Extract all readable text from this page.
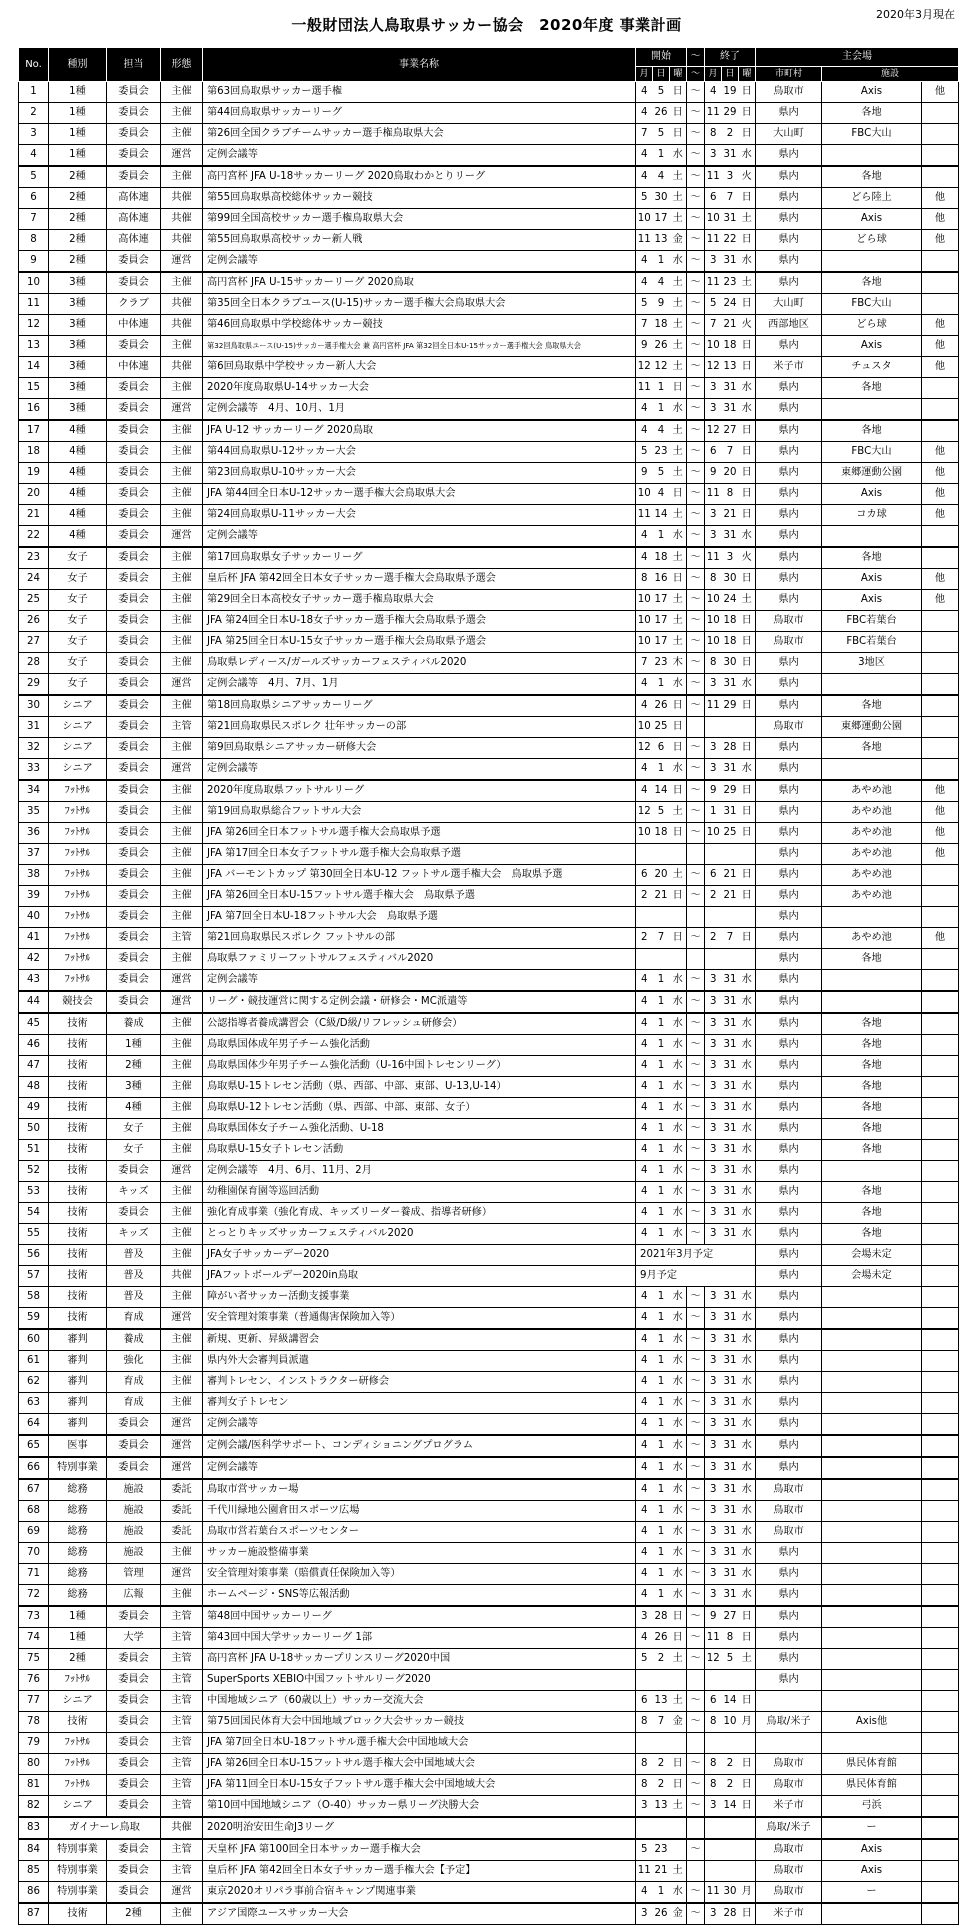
2020年3月現在
一般財団法人鳥取県サッカー協会　2020年度 事業計画
No.	種別	担当	形態	事業名称	開始			～	終了			主会場		
					月	日	曜	～	月	日	曜	市町村	施設	
1	1種	委員会	主催	第63回鳥取県サッカー選手権	4	5	日	～	4	19	日	鳥取市	Axis	他
2	1種	委員会	主催	第44回鳥取県サッカーリーグ	4	26	日	～	11	29	日	県内	各地	
3	1種	委員会	主催	第26回全国クラブチームサッカー選手権鳥取県大会	7	5	日	～	8	2	日	大山町	FBC大山	
4	1種	委員会	運営	定例会議等	4	1	水	～	3	31	水	県内		
5	2種	委員会	主催	高円宮杯 JFA U-18サッカーリーグ 2020鳥取わかとりリーグ	4	4	土	～	11	3	火	県内	各地	
6	2種	高体連	共催	第55回鳥取県高校総体サッカー競技	5	30	土	～	6	7	日	県内	どら陸上	他
7	2種	高体連	共催	第99回全国高校サッカー選手権鳥取県大会	10	17	土	～	10	31	土	県内	Axis	他
8	2種	高体連	共催	第55回鳥取県高校サッカー新人戦	11	13	金	～	11	22	日	県内	どら球	他
9	2種	委員会	運営	定例会議等	4	1	水	～	3	31	水	県内		
10	3種	委員会	主催	高円宮杯 JFA U-15サッカーリーグ 2020鳥取	4	4	土	～	11	23	土	県内	各地	
11	3種	クラブ	共催	第35回全日本クラブユース(U-15)サッカー選手権大会鳥取県大会	5	9	土	～	5	24	日	大山町	FBC大山	
12	3種	中体連	共催	第46回鳥取県中学校総体サッカー競技	7	18	土	～	7	21	火	西部地区	どら球	他
13	3種	委員会	主催	第32回鳥取県ユース(U-15)サッカー選手権大会 兼 高円宮杯 JFA 第32回全日本U-15サッカー選手権大会 鳥取県大会	9	26	土	～	10	18	日	県内	Axis	他
14	3種	中体連	共催	第6回鳥取県中学校サッカー新人大会	12	12	土	～	12	13	日	米子市	チュスタ	他
15	3種	委員会	主催	2020年度鳥取県U-14サッカー大会	11	1	日	～	3	31	水	県内	各地	
16	3種	委員会	運営	定例会議等　4月、10月、1月	4	1	水	～	3	31	水	県内		
17	4種	委員会	主催	JFA U-12 サッカーリーグ 2020鳥取	4	4	土	～	12	27	日	県内	各地	
18	4種	委員会	主催	第44回鳥取県U-12サッカー大会	5	23	土	～	6	7	日	県内	FBC大山	他
19	4種	委員会	主催	第23回鳥取県U-10サッカー大会	9	5	土	～	9	20	日	県内	東郷運動公園	他
20	4種	委員会	主催	JFA 第44回全日本U-12サッカー選手権大会鳥取県大会	10	4	日	～	11	8	日	県内	Axis	他
21	4種	委員会	主催	第24回鳥取県U-11サッカー大会	11	14	土	～	3	21	日	県内	コカ球	他
22	4種	委員会	運営	定例会議等	4	1	水	～	3	31	水	県内		
23	女子	委員会	主催	第17回鳥取県女子サッカーリーグ	4	18	土	～	11	3	火	県内	各地	
24	女子	委員会	主催	皇后杯 JFA 第42回全日本女子サッカー選手権大会鳥取県予選会	8	16	日	～	8	30	日	県内	Axis	他
25	女子	委員会	主催	第29回全日本高校女子サッカー選手権鳥取県大会	10	17	土	～	10	24	土	県内	Axis	他
26	女子	委員会	主催	JFA 第24回全日本U-18女子サッカー選手権大会鳥取県予選会	10	17	土	～	10	18	日	鳥取市	FBC若葉台	
27	女子	委員会	主催	JFA 第25回全日本U-15女子サッカー選手権大会鳥取県予選会	10	17	土	～	10	18	日	鳥取市	FBC若葉台	
28	女子	委員会	主催	鳥取県レディース/ガールズサッカーフェスティバル2020	7	23	木	～	8	30	日	県内	3地区	
29	女子	委員会	運営	定例会議等　4月、7月、1月	4	1	水	～	3	31	水	県内		
30	シニア	委員会	主催	第18回鳥取県シニアサッカーリーグ	4	26	日	～	11	29	日	県内	各地	
31	シニア	委員会	主管	第21回鳥取県民スポレク 壮年サッカーの部	10	25	日					鳥取市	東郷運動公園	
32	シニア	委員会	主催	第9回鳥取県シニアサッカー研修大会	12	6	日	～	3	28	日	県内	各地	
33	シニア	委員会	運営	定例会議等	4	1	水	～	3	31	水	県内		
34	ﾌｯﾄｻﾙ	委員会	主催	2020年度鳥取県フットサルリーグ	4	14	日	～	9	29	日	県内	あやめ池	他
35	ﾌｯﾄｻﾙ	委員会	主催	第19回鳥取県総合フットサル大会	12	5	土	～	1	31	日	県内	あやめ池	他
36	ﾌｯﾄｻﾙ	委員会	主催	JFA 第26回全日本フットサル選手権大会鳥取県予選	10	18	日	～	10	25	日	県内	あやめ池	他
37	ﾌｯﾄｻﾙ	委員会	主催	JFA 第17回全日本女子フットサル選手権大会鳥取県予選								県内	あやめ池	他
38	ﾌｯﾄｻﾙ	委員会	主催	JFA バーモントカップ 第30回全日本U-12 フットサル選手権大会　鳥取県予選	6	20	土	～	6	21	日	県内	あやめ池	
39	ﾌｯﾄｻﾙ	委員会	主催	JFA 第26回全日本U-15フットサル選手権大会　鳥取県予選	2	21	日	～	2	21	日	県内	あやめ池	
40	ﾌｯﾄｻﾙ	委員会	主催	JFA 第7回全日本U-18フットサル大会　鳥取県予選								県内		
41	ﾌｯﾄｻﾙ	委員会	主管	第21回鳥取県民スポレク フットサルの部	2	7	日	～	2	7	日	県内	あやめ池	他
42	ﾌｯﾄｻﾙ	委員会	主催	鳥取県ファミリーフットサルフェスティバル2020								県内	各地	
43	ﾌｯﾄｻﾙ	委員会	運営	定例会議等	4	1	水	～	3	31	水	県内		
44	競技会	委員会	運営	リーグ・競技運営に関する定例会議・研修会・MC派遣等	4	1	水	～	3	31	水	県内		
45	技術	養成	主催	公認指導者養成講習会（C級/D級/リフレッシュ研修会）	4	1	水	～	3	31	水	県内	各地	
46	技術	1種	主催	鳥取県国体成年男子チーム強化活動	4	1	水	～	3	31	水	県内	各地	
47	技術	2種	主催	鳥取県国体少年男子チーム強化活動（U-16中国トレセンリーグ）	4	1	水	～	3	31	水	県内	各地	
48	技術	3種	主催	鳥取県U-15トレセン活動（県、西部、中部、東部、U-13,U-14）	4	1	水	～	3	31	水	県内	各地	
49	技術	4種	主催	鳥取県U-12トレセン活動（県、西部、中部、東部、女子）	4	1	水	～	3	31	水	県内	各地	
50	技術	女子	主催	鳥取県国体女子チーム強化活動、U-18	4	1	水	～	3	31	水	県内	各地	
51	技術	女子	主催	鳥取県U-15女子トレセン活動	4	1	水	～	3	31	水	県内	各地	
52	技術	委員会	運営	定例会議等　4月、6月、11月、2月	4	1	水	～	3	31	水	県内		
53	技術	キッズ	主催	幼稚園保育園等巡回活動	4	1	水	～	3	31	水	県内	各地	
54	技術	委員会	主催	強化育成事業（強化育成、キッズリーダー養成、指導者研修）	4	1	水	～	3	31	水	県内	各地	
55	技術	キッズ	主催	とっとりキッズサッカーフェスティバル2020	4	1	水	～	3	31	水	県内	各地	
56	技術	普及	主催	JFA女子サッカーデー2020	2021年3月予定							県内	会場未定	
57	技術	普及	共催	JFAフットボールデー2020in鳥取	9月予定							県内	会場未定	
58	技術	普及	主催	障がい者サッカー活動支援事業	4	1	水	～	3	31	水	県内		
59	技術	育成	運営	安全管理対策事業（普通傷害保険加入等）	4	1	水	～	3	31	水	県内		
60	審判	養成	主催	新規、更新、昇級講習会	4	1	水	～	3	31	水	県内		
61	審判	強化	主催	県内外大会審判員派遣	4	1	水	～	3	31	水	県内		
62	審判	育成	主催	審判トレセン、インストラクター研修会	4	1	水	～	3	31	水	県内		
63	審判	育成	主催	審判女子トレセン	4	1	水	～	3	31	水	県内		
64	審判	委員会	運営	定例会議等	4	1	水	～	3	31	水	県内		
65	医事	委員会	運営	定例会議/医科学サポート、コンディショニングプログラム	4	1	水	～	3	31	水	県内		
66	特別事業	委員会	運営	定例会議等	4	1	水	～	3	31	水	県内		
67	総務	施設	委託	鳥取市営サッカー場	4	1	水	～	3	31	水	鳥取市		
68	総務	施設	委託	千代川緑地公園倉田スポーツ広場	4	1	水	～	3	31	水	鳥取市		
69	総務	施設	委託	鳥取市営若葉台スポーツセンター	4	1	水	～	3	31	水	鳥取市		
70	総務	施設	主催	サッカー施設整備事業	4	1	水	～	3	31	水	県内		
71	総務	管理	運営	安全管理対策事業（賠償責任保険加入等）	4	1	水	～	3	31	水	県内		
72	総務	広報	主催	ホームページ・SNS等広報活動	4	1	水	～	3	31	水	県内		
73	1種	委員会	主管	第48回中国サッカーリーグ	3	28	日	～	9	27	日	県内		
74	1種	大学	主管	第43回中国大学サッカーリーグ 1部	4	26	日	～	11	8	日	県内		
75	2種	委員会	主管	高円宮杯 JFA U-18サッカープリンスリーグ2020中国	5	2	土	～	12	5	土	県内		
76	ﾌｯﾄｻﾙ	委員会	主管	SuperSports XEBIO中国フットサルリーグ2020								県内		
77	シニア	委員会	主管	中国地域シニア（60歳以上）サッカー交流大会	6	13	土	～	6	14	日			
78	技術	委員会	主管	第75回国民体育大会中国地域ブロック大会サッカー競技	8	7	金	～	8	10	月	鳥取/米子	Axis他	
79	ﾌｯﾄｻﾙ	委員会	主管	JFA 第7回全日本U-18フットサル選手権大会中国地域大会										
80	ﾌｯﾄｻﾙ	委員会	主管	JFA 第26回全日本U-15フットサル選手権大会中国地域大会	8	2	日	～	8	2	日	鳥取市	県民体育館	
81	ﾌｯﾄｻﾙ	委員会	主管	JFA 第11回全日本U-15女子フットサル選手権大会中国地域大会	8	2	日	～	8	2	日	鳥取市	県民体育館	
82	シニア	委員会	主管	第10回中国地域シニア（O-40）サッカー県リーグ決勝大会	3	13	土	～	3	14	日	米子市	弓浜	
83	ガイナーレ鳥取		共催	2020明治安田生命J3リーグ								鳥取/米子	ー	
84	特別事業	委員会	主管	天皇杯 JFA 第100回全日本サッカー選手権大会	5	23		～				鳥取市	Axis	
85	特別事業	委員会	主管	皇后杯 JFA 第42回全日本女子サッカー選手権大会【予定】	11	21	土					鳥取市	Axis	
86	特別事業	委員会	運営	東京2020オリパラ事前合宿キャンプ関連事業	4	1	水	～	11	30	月	鳥取市	ー	
87	技術	2種	主催	アジア国際ユースサッカー大会	3	26	金	～	3	28	日	米子市		
